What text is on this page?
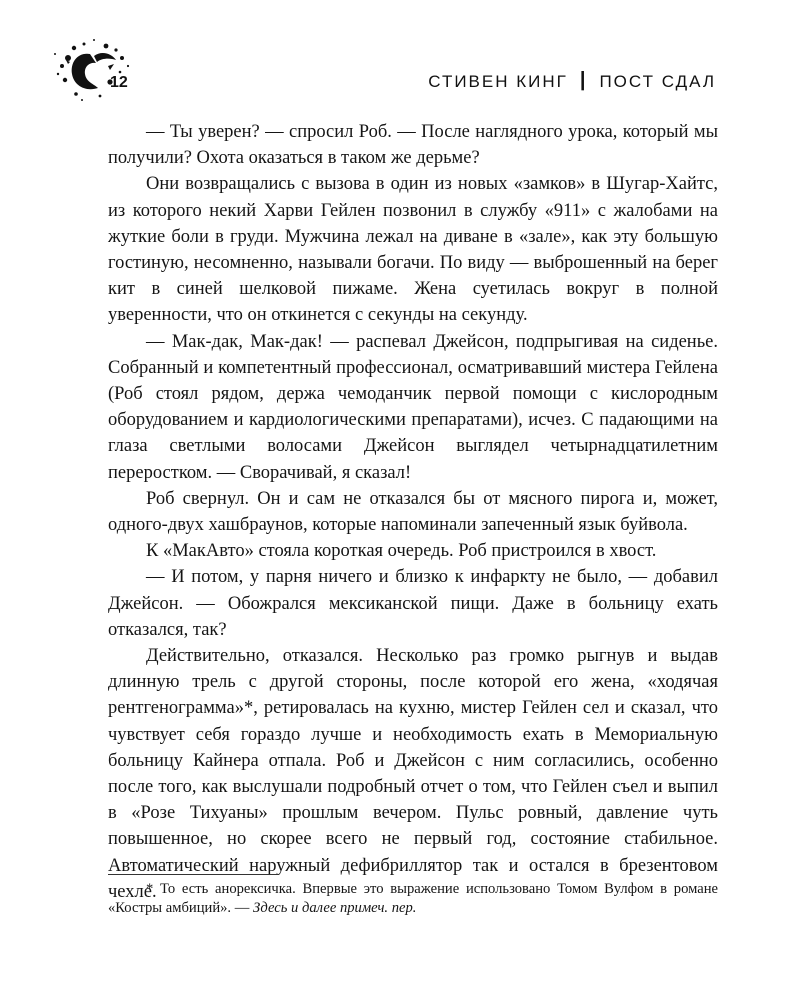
12	СТИВЕН КИНГ | ПОСТ СДАЛ

— Ты уверен? — спросил Роб. — После наглядного урока, который мы получили? Охота оказаться в таком же дерьме?

Они возвращались с вызова в один из новых «замков» в Шугар-Хайтс, из которого некий Харви Гейлен позвонил в службу «911» с жалобами на жуткие боли в груди. Мужчина лежал на диване в «зале», как эту большую гостиную, несомненно, называли богачи. По виду — выброшенный на берег кит в синей шелковой пижаме. Жена суетилась вокруг в полной уверенности, что он откинется с секунды на секунду.

— Мак-дак, Мак-дак! — распевал Джейсон, подпрыгивая на сиденье. Собранный и компетентный профессионал, осматривавший мистера Гейлена (Роб стоял рядом, держа чемоданчик первой помощи с кислородным оборудованием и кардиологическими препаратами), исчез. С падающими на глаза светлыми волосами Джейсон выглядел четырнадцатилетним переростком. — Сворачивай, я сказал!

Роб свернул. Он и сам не отказался бы от мясного пирога и, может, одного-двух хашбраунов, которые напоминали запеченный язык буйвола.

К «МакАвто» стояла короткая очередь. Роб пристроился в хвост.

— И потом, у парня ничего и близко к инфаркту не было, — добавил Джейсон. — Обожрался мексиканской пищи. Даже в больницу ехать отказался, так?

Действительно, отказался. Несколько раз громко рыгнув и выдав длинную трель с другой стороны, после которой его жена, «ходячая рентгенограмма»*, ретировалась на кухню, мистер Гейлен сел и сказал, что чувствует себя гораздо лучше и необходимость ехать в Мемориальную больницу Кайнера отпала. Роб и Джейсон с ним согласились, особенно после того, как выслушали подробный отчет о том, что Гейлен съел и выпил в «Розе Тихуаны» прошлым вечером. Пульс ровный, давление чуть повышенное, но скорее всего не первый год, состояние стабильное. Автоматический наружный дефибриллятор так и остался в брезентовом чехле.

* То есть анорексичка. Впервые это выражение использовано Томом Вулфом в романе «Костры амбиций». — Здесь и далее примеч. пер.
